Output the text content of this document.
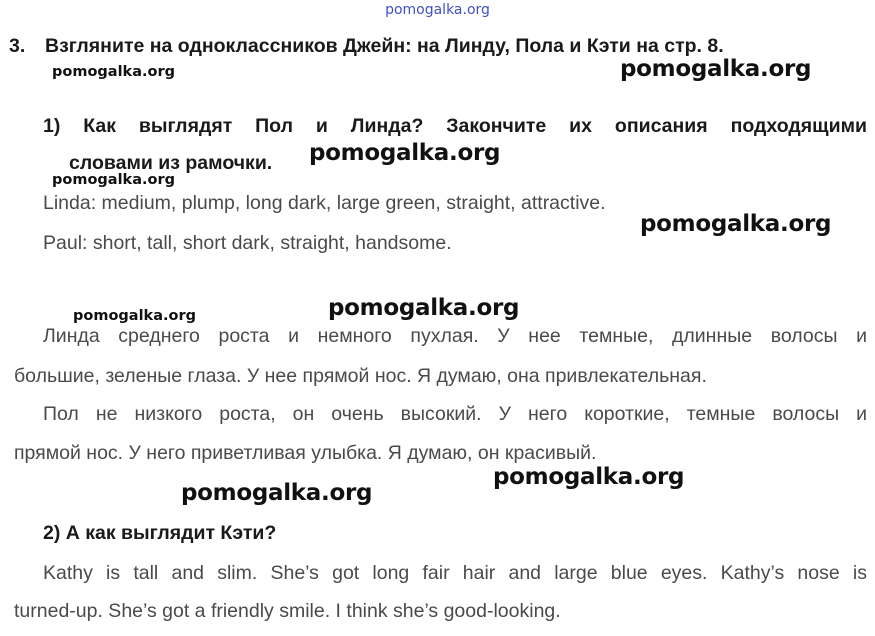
pomogalka.org
3. Взгляните на одноклассников Джейн: на Линду, Пола и Кэти на стр. 8.
1) Как выглядят Пол и Линда? Закончите их описания подходящими
словами из рамочки.
Linda: medium, plump, long dark, large green, straight, attractive.
Paul: short, tall, short dark, straight, handsome.
Линда среднего роста и немного пухлая. У нее темные, длинные волосы и
большие, зеленые глаза. У нее прямой нос. Я думаю, она привлекательная.
Пол не низкого роста, он очень высокий. У него короткие, темные волосы и
прямой нос. У него приветливая улыбка. Я думаю, он красивый.
2) А как выглядит Кэти?
Kathy is tall and slim. She’s got long fair hair and large blue eyes. Kathy’s nose is
turned-up. She’s got a friendly smile. I think she’s good-looking.
pomogalka.org	pomogalka.org
pomogalka.org
pomogalka.org
pomogalka.org
pomogalka.org	pomogalka.org
pomogalka.org
pomogalka.org
